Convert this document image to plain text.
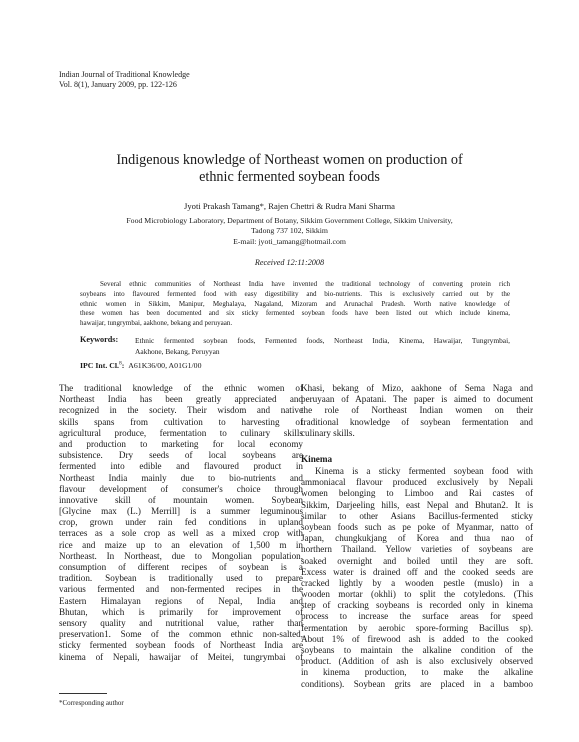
Indian Journal of Traditional Knowledge
Vol. 8(1), January 2009, pp. 122-126
Indigenous knowledge of Northeast women on production of
ethnic fermented soybean foods
Jyoti Prakash Tamang*, Rajen Chettri & Rudra Mani Sharma
Food Microbiology Laboratory, Department of Botany, Sikkim Government College, Sikkim University,
Tadong 737 102, Sikkim
E-mail: jyoti_tamang@hotmail.com
Received 12:11:2008
Several ethnic communities of Northeast India have invented the traditional technology of converting protein rich
soybeans into flavoured fermented food with easy digestibility and bio-nutrients. This is exclusively carried out by the
ethnic women in Sikkim, Manipur, Meghalaya, Nagaland, Mizoram and Arunachal Pradesh. Worth native knowledge of
these women has been documented and six sticky fermented soybean foods have been listed out which include kinema,
hawaijar, tungrymbai, aakhone, bekang and peruyaan.
Keywords: Ethnic fermented soybean foods, Fermented foods, Northeast India, Kinema, Hawaijar, Tungrymbai,
Aakhone, Bekang, Peruyyan
IPC Int. Cl.$^8$: A61K36/00, A01G1/00
The traditional knowledge of the ethnic women of
Northeast India has been greatly appreciated and
recognized in the society. Their wisdom and native
skills spans from cultivation to harvesting of
agricultural produce, fermentation to culinary skills
and production to marketing for local economy
subsistence. Dry seeds of local soybeans are
fermented into edible and flavoured product in
Northeast India mainly due to bio-nutrients and
flavour development of consumer's choice through
innovative skill of mountain women. Soybean
[Glycine max (L.) Merrill] is a summer leguminous
crop, grown under rain fed conditions in upland
terraces as a sole crop as well as a mixed crop with
rice and maize up to an elevation of 1,500 m in
Northeast. In Northeast, due to Mongolian population,
consumption of different recipes of soybean is a
tradition. Soybean is traditionally used to prepare
various fermented and non-fermented recipes in the
Eastern Himalayan regions of Nepal, India and
Bhutan, which is primarily for improvement of
sensory quality and nutritional value, rather than
preservation1. Some of the common ethnic non-salted,
sticky fermented soybean foods of Northeast India are
kinema of Nepali, hawaijar of Meitei, tungrymbai of
Khasi, bekang of Mizo, aakhone of Sema Naga and
peruyaan of Apatani. The paper is aimed to document
the role of Northeast Indian women on their
traditional knowledge of soybean fermentation and
culinary skills.
Kinema
Kinema is a sticky fermented soybean food with
ammoniacal flavour produced exclusively by Nepali
women belonging to Limboo and Rai castes of
Sikkim, Darjeeling hills, east Nepal and Bhutan2. It is
similar to other Asians Bacillus-fermented sticky
soybean foods such as pe poke of Myanmar, natto of
Japan, chungkukjang of Korea and thua nao of
northern Thailand. Yellow varieties of soybeans are
soaked overnight and boiled until they are soft.
Excess water is drained off and the cooked seeds are
cracked lightly by a wooden pestle (muslo) in a
wooden mortar (okhli) to split the cotyledons. (This
step of cracking soybeans is recorded only in kinema
process to increase the surface areas for speed
fermentation by aerobic spore-forming Bacillus sp).
About 1% of firewood ash is added to the cooked
soybeans to maintain the alkaline condition of the
product. (Addition of ash is also exclusively observed
in kinema production, to make the alkaline
conditions). Soybean grits are placed in a bamboo
*Corresponding author
